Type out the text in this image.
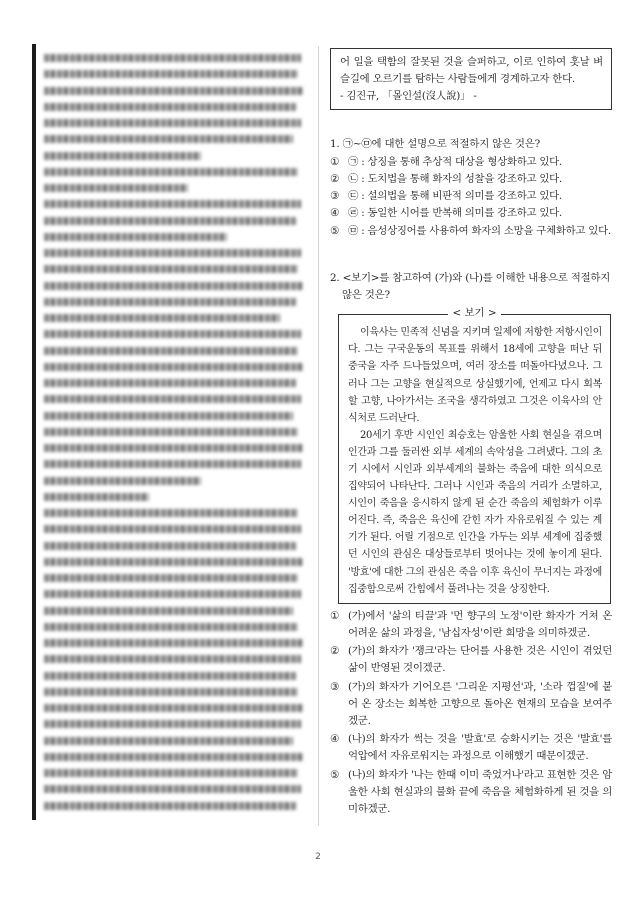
어 일을 택함의 잘못된 것을 슬퍼하고, 이로 인하여 홋날 벼슬길에 오르기를 탐하는 사람들에게 경계하고자 한다.

- 김진규, 「몰인설(沒人說)」 -

1. ㉠~㉤에 대한 설명으로 적절하지 않은 것은?

① ㉠ : 상징을 통해 추상적 대상을 형상화하고 있다.
② ㉡ : 도치법을 통해 화자의 성찰을 강조하고 있다.
③ ㉢ : 설의법을 통해 비판적 의미를 강조하고 있다.
④ ㉣ : 동일한 시어를 반복해 의미를 강조하고 있다.
⑤ ㉤ : 음성상징어를 사용하여 화자의 소망을 구체화하고 있다.

2. <보기>를 참고하여 (가)와 (나)를 이해한 내용으로 적절하지 않은 것은?

< 보기 >

이육사는 민족적 신념을 지키며 일제에 저항한 저항시인이다. 그는 구국운동의 목표를 위해서 18세에 고향을 떠난 뒤 중국을 자주 드나들었으며, 여러 장소를 떠돌아다녔으나. 그러나 그는 고향을 현실적으로 상실했기에, 언제고 다시 회복할 고향, 나아가서는 조국을 생각하였고 그것은 이육사의 안식처로 드러난다.

20세기 후반 시인인 최승호는 암울한 사회 현실을 겪으며 인간과 그를 둘러싼 외부 세계의 속악성을 그려냈다. 그의 초기 시에서 시인과 외부세계의 불화는 죽음에 대한 의식으로 집약되어 나타난다. 그러나 시인과 죽음의 거리가 소멸하고, 시인이 죽음을 응시하지 않게 된 순간 죽음의 체험화가 이루어진다. 즉, 죽음은 육신에 갇힌 자가 자유로워질 수 있는 계기가 된다. 어릴 기점으로 인간을 가두는 외부 세계에 집중했던 시인의 관심은 대상들로부터 벗어나는 것에 놓이게 된다. '방효'에 대한 그의 관심은 죽음 이후 육신이 무너지는 과정에 집중함으로써 간힘에서 풀려나는 것을 상징한다.

① (가)에서 '삶의 티끌'과 '먼 향구의 노정'이란 화자가 거쳐 온 어려운 삶의 과정을, '남십자성'이란 희망을 의미하겠군.
② (가)의 화자가 '쟁크'라는 단어를 사용한 것은 시인이 겪었던 삶이 반영된 것이겠군.
③ (가)의 화자가 기어오른 '그리운 지평선'과, '소라 껍질'에 붙어 온 장소는 회복한 고향으로 돌아온 현재의 모습을 보여주겠군.
④ (나)의 화자가 썩는 것을 '발효'로 승화시키는 것은 '발효'를 억압에서 자유로워지는 과정으로 이해했기 때문이겠군.
⑤ (나)의 화자가 '나는 한때 이미 죽었거나'라고 표현한 것은 암울한 사회 현실과의 불화 끝에 죽음을 체험화하게 된 것을 의미하겠군.
2
